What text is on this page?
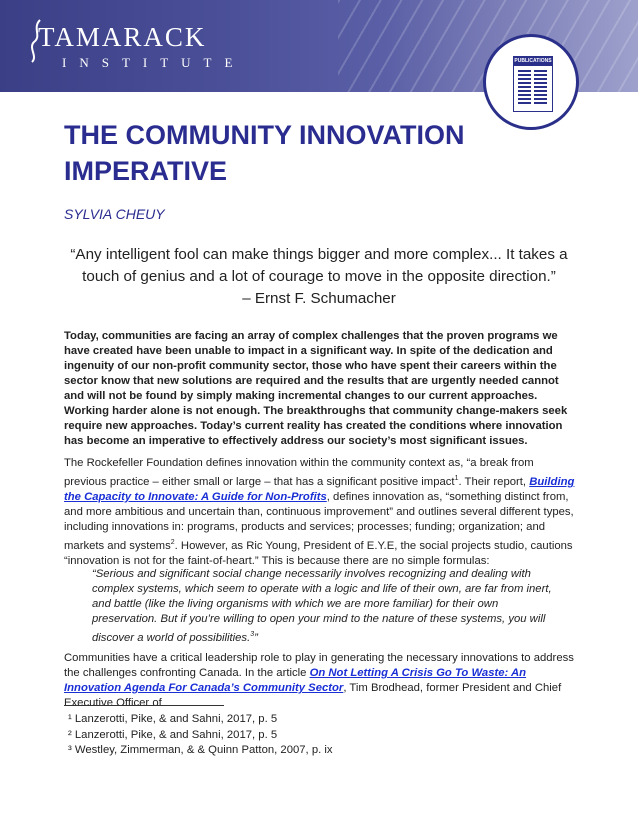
TAMARACK
INSTITUTE	PUBLICATIONS
THE COMMUNITY INNOVATION IMPERATIVE
SYLVIA CHEUY
“Any intelligent fool can make things bigger and more complex... It takes a
touch of genius and a lot of courage to move in the opposite direction.”
– Ernst F. Schumacher

Today, communities are facing an array of complex challenges that the proven programs we have created have been unable to impact in a significant way. In spite of the dedication and ingenuity of our non-profit community sector, those who have spent their careers within the sector know that new solutions are required and the results that are urgently needed cannot and will not be found by simply making incremental changes to our current approaches. Working harder alone is not enough. The breakthroughs that community change-makers seek require new approaches. Today’s current reality has created the conditions where innovation has become an imperative to effectively address our society’s most significant issues.

The Rockefeller Foundation defines innovation within the community context as, “a break from previous practice – either small or large – that has a significant positive impact$^1$. Their report, Building the Capacity to Innovate: A Guide for Non-Profits, defines innovation as, “something distinct from, and more ambitious and uncertain than, continuous improvement” and outlines several different types, including innovations in: programs, products and services; processes; funding; organization; and markets and systems$^2$. However, as Ric Young, President of E.Y.E, the social projects studio, cautions “innovation is not for the faint-of-heart.” This is because there are no simple formulas:

“Serious and significant social change necessarily involves recognizing and dealing with complex systems, which seem to operate with a logic and life of their own, are far from inert, and battle (like the living organisms with which we are more familiar) for their own preservation. But if you’re willing to open your mind to the nature of these systems, you will discover a world of possibilities.$^3$”

Communities have a critical leadership role to play in generating the necessary innovations to address the challenges confronting Canada. In the article On Not Letting A Crisis Go To Waste: An Innovation Agenda For Canada’s Community Sector, Tim Brodhead, former President and Chief Executive Officer of

¹ Lanzerotti, Pike, & and Sahni, 2017, p. 5
² Lanzerotti, Pike, & and Sahni, 2017, p. 5
³ Westley, Zimmerman, & & Quinn Patton, 2007, p. ix
